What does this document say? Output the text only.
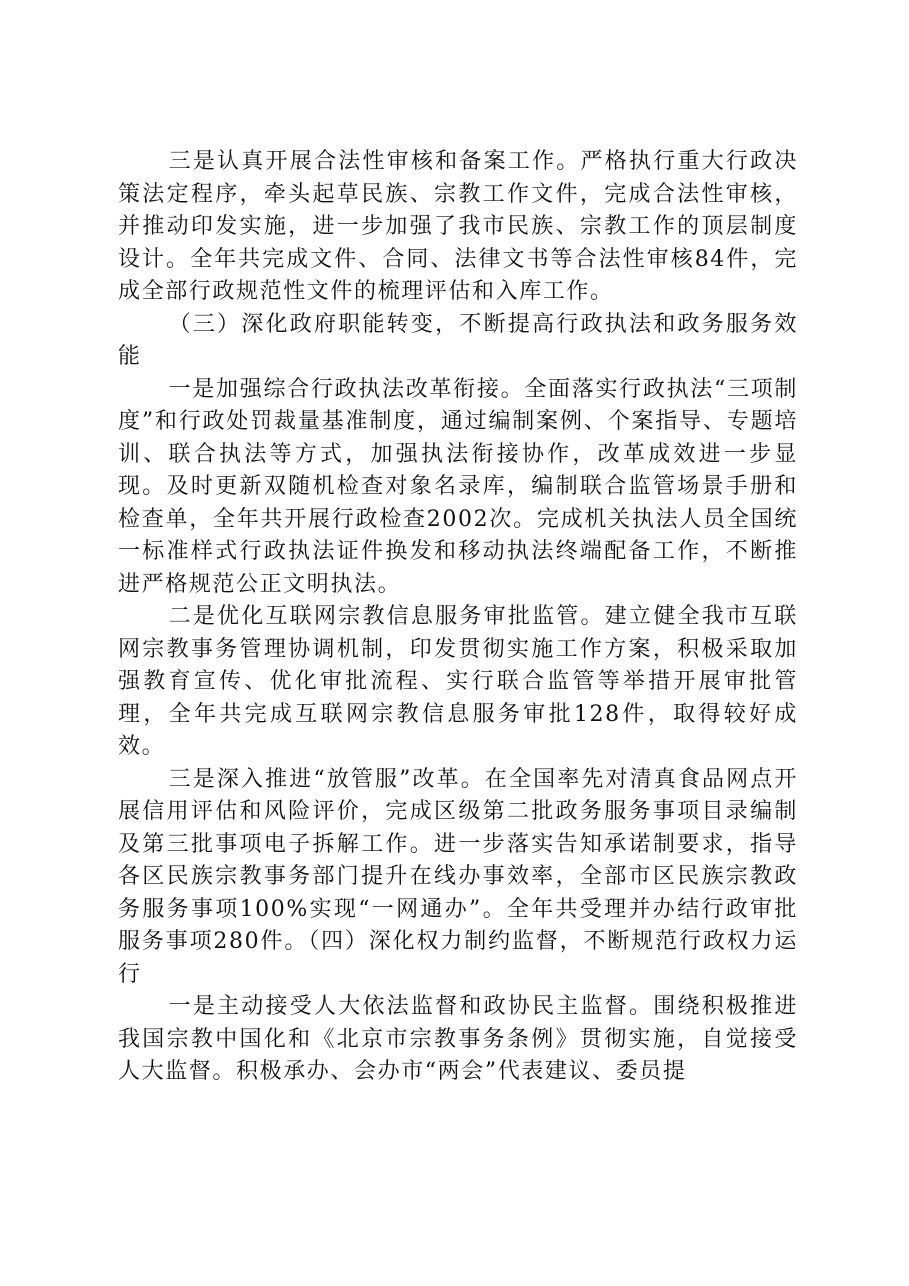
三是认真开展合法性审核和备案工作。严格执行重大行政决策法定程序，牵头起草民族、宗教工作文件，完成合法性审核，并推动印发实施，进一步加强了我市民族、宗教工作的顶层制度设计。全年共完成文件、合同、法律文书等合法性审核84件，完成全部行政规范性文件的梳理评估和入库工作。

（三）深化政府职能转变，不断提高行政执法和政务服务效能

一是加强综合行政执法改革衔接。全面落实行政执法“三项制度”和行政处罚裁量基准制度，通过编制案例、个案指导、专题培训、联合执法等方式，加强执法衔接协作，改革成效进一步显现。及时更新双随机检查对象名录库，编制联合监管场景手册和检查单，全年共开展行政检查2002次。完成机关执法人员全国统一标准样式行政执法证件换发和移动执法终端配备工作，不断推进严格规范公正文明执法。

二是优化互联网宗教信息服务审批监管。建立健全我市互联网宗教事务管理协调机制，印发贯彻实施工作方案，积极采取加强教育宣传、优化审批流程、实行联合监管等举措开展审批管理，全年共完成互联网宗教信息服务审批128件，取得较好成效。

三是深入推进“放管服”改革。在全国率先对清真食品网点开展信用评估和风险评价，完成区级第二批政务服务事项目录编制及第三批事项电子拆解工作。进一步落实告知承诺制要求，指导各区民族宗教事务部门提升在线办事效率，全部市区民族宗教政务服务事项100%实现“一网通办”。全年共受理并办结行政审批服务事项280件。（四）深化权力制约监督，不断规范行政权力运行

一是主动接受人大依法监督和政协民主监督。围绕积极推进我国宗教中国化和《北京市宗教事务条例》贯彻实施，自觉接受人大监督。积极承办、会办市“两会”代表建议、委员提
